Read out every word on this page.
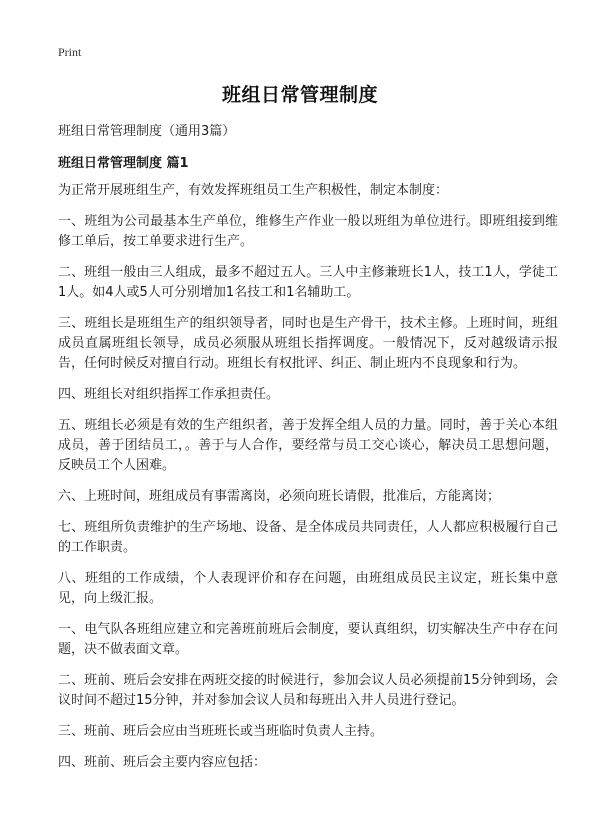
Print
班组日常管理制度
班组日常管理制度（通用3篇）
班组日常管理制度 篇1

为正常开展班组生产，有效发挥班组员工生产积极性，制定本制度：

一、班组为公司最基本生产单位，维修生产作业一般以班组为单位进行。即班组接到维修工单后，按工单要求进行生产。

二、班组一般由三人组成，最多不超过五人。三人中主修兼班长1人，技工1人，学徒工1人。如4人或5人可分别增加1名技工和1名辅助工。

三、班组长是班组生产的组织领导者，同时也是生产骨干，技术主修。上班时间，班组成员直属班组长领导，成员必须服从班组长指挥调度。一般情况下，反对越级请示报告，任何时候反对擅自行动。班组长有权批评、纠正、制止班内不良现象和行为。

四、班组长对组织指挥工作承担责任。

五、班组长必须是有效的生产组织者，善于发挥全组人员的力量。同时，善于关心本组成员，善于团结员工，。善于与人合作，要经常与员工交心谈心，解决员工思想问题，反映员工个人困难。

六、上班时间，班组成员有事需离岗，必须向班长请假，批准后，方能离岗；

七、班组所负责维护的生产场地、设备、是全体成员共同责任，人人都应积极履行自己的工作职责。

八、班组的工作成绩，个人表现评价和存在问题，由班组成员民主议定，班长集中意见，向上级汇报。

一、电气队各班组应建立和完善班前班后会制度，要认真组织，切实解决生产中存在问题，决不做表面文章。

二、班前、班后会安排在两班交接的时候进行，参加会议人员必须提前15分钟到场，会议时间不超过15分钟，并对参加会议人员和每班出入井人员进行登记。

三、班前、班后会应由当班班长或当班临时负责人主持。

四、班前、班后会主要内容应包括：
